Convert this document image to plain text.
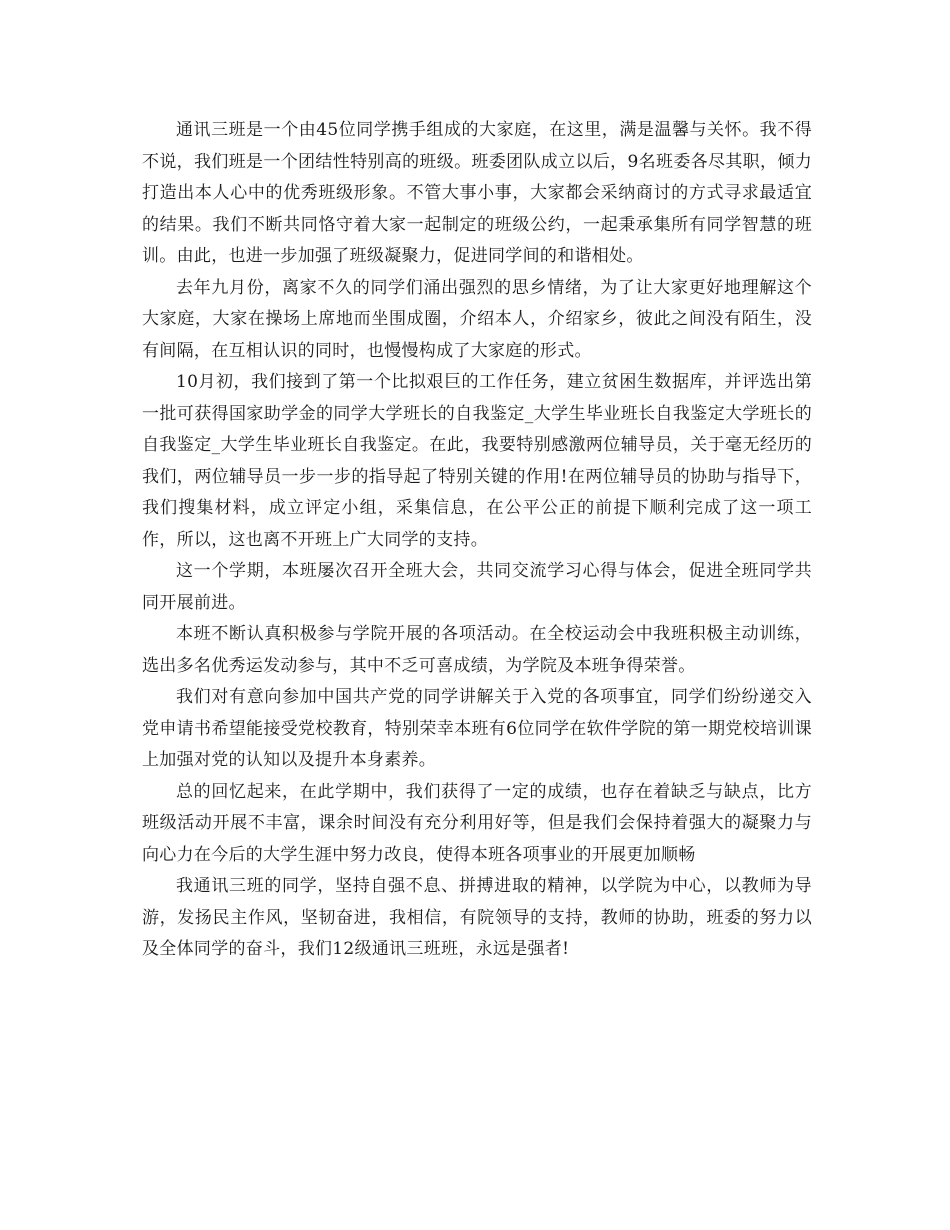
通讯三班是一个由45位同学携手组成的大家庭，在这里，满是温馨与关怀。我不得不说，我们班是一个团结性特别高的班级。班委团队成立以后，9名班委各尽其职，倾力打造出本人心中的优秀班级形象。不管大事小事，大家都会采纳商讨的方式寻求最适宜的结果。我们不断共同恪守着大家一起制定的班级公约，一起秉承集所有同学智慧的班训。由此，也进一步加强了班级凝聚力，促进同学间的和谐相处。

去年九月份，离家不久的同学们涌出强烈的思乡情绪，为了让大家更好地理解这个大家庭，大家在操场上席地而坐围成圈，介绍本人，介绍家乡，彼此之间没有陌生，没有间隔，在互相认识的同时，也慢慢构成了大家庭的形式。

10月初，我们接到了第一个比拟艰巨的工作任务，建立贫困生数据库，并评选出第一批可获得国家助学金的同学大学班长的自我鉴定_大学生毕业班长自我鉴定大学班长的自我鉴定_大学生毕业班长自我鉴定。在此，我要特别感激两位辅导员，关于毫无经历的我们，两位辅导员一步一步的指导起了特别关键的作用!在两位辅导员的协助与指导下，我们搜集材料，成立评定小组，采集信息，在公平公正的前提下顺利完成了这一项工作，所以，这也离不开班上广大同学的支持。

这一个学期，本班屡次召开全班大会，共同交流学习心得与体会，促进全班同学共同开展前进。

本班不断认真积极参与学院开展的各项活动。在全校运动会中我班积极主动训练，选出多名优秀运发动参与，其中不乏可喜成绩，为学院及本班争得荣誉。

我们对有意向参加中国共产党的同学讲解关于入党的各项事宜，同学们纷纷递交入党申请书希望能接受党校教育，特别荣幸本班有6位同学在软件学院的第一期党校培训课上加强对党的认知以及提升本身素养。

总的回忆起来，在此学期中，我们获得了一定的成绩，也存在着缺乏与缺点，比方班级活动开展不丰富，课余时间没有充分利用好等，但是我们会保持着强大的凝聚力与向心力在今后的大学生涯中努力改良，使得本班各项事业的开展更加顺畅

我通讯三班的同学，坚持自强不息、拼搏进取的精神，以学院为中心，以教师为导游，发扬民主作风，坚韧奋进，我相信，有院领导的支持，教师的协助，班委的努力以及全体同学的奋斗，我们12级通讯三班班，永远是强者!
